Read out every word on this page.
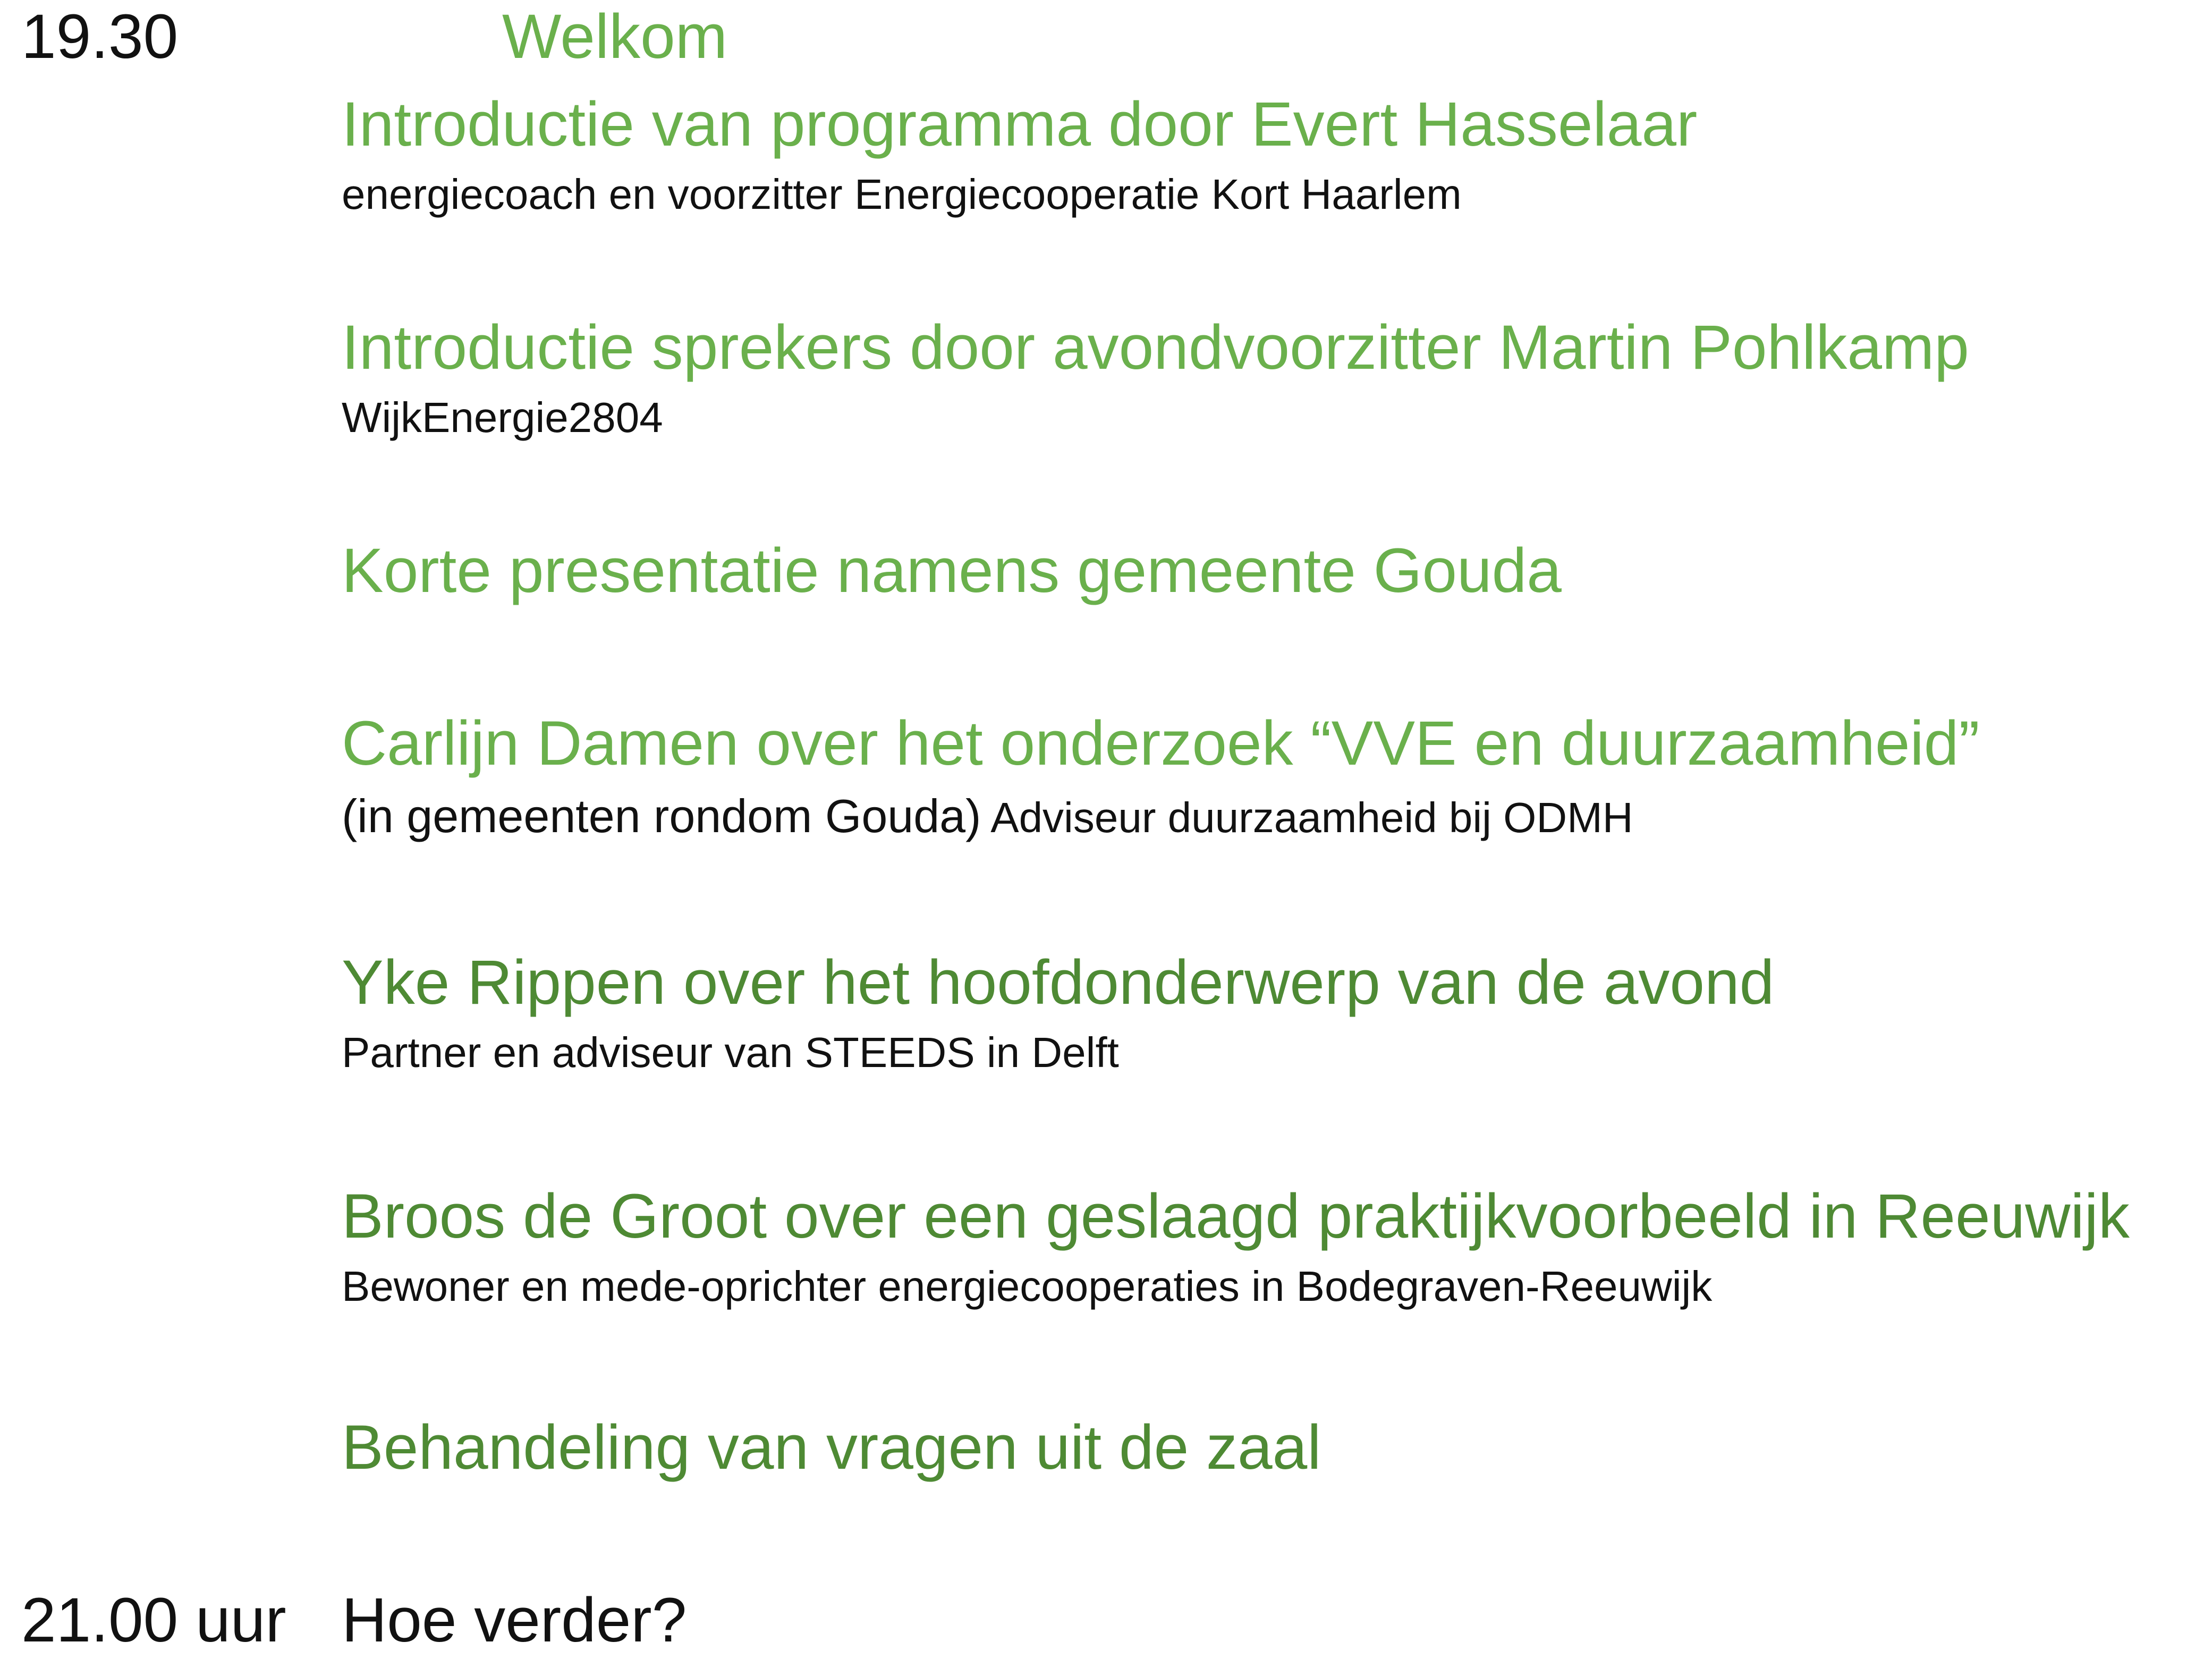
19.30	Welkom
Introductie van programma door Evert Hasselaar
energiecoach en voorzitter Energiecooperatie Kort Haarlem
Introductie sprekers door avondvoorzitter Martin Pohlkamp
WijkEnergie2804
Korte presentatie namens gemeente Gouda
Carlijn Damen over het onderzoek “VVE en duurzaamheid”
(in gemeenten rondom Gouda) Adviseur duurzaamheid bij ODMH
Yke Rippen over het hoofdonderwerp van de avond
Partner en adviseur van STEEDS in Delft
Broos de Groot over een geslaagd praktijkvoorbeeld in Reeuwijk
Bewoner en mede-oprichter energiecooperaties in Bodegraven-Reeuwijk
Behandeling van vragen uit de zaal
21.00 uur Hoe verder?
